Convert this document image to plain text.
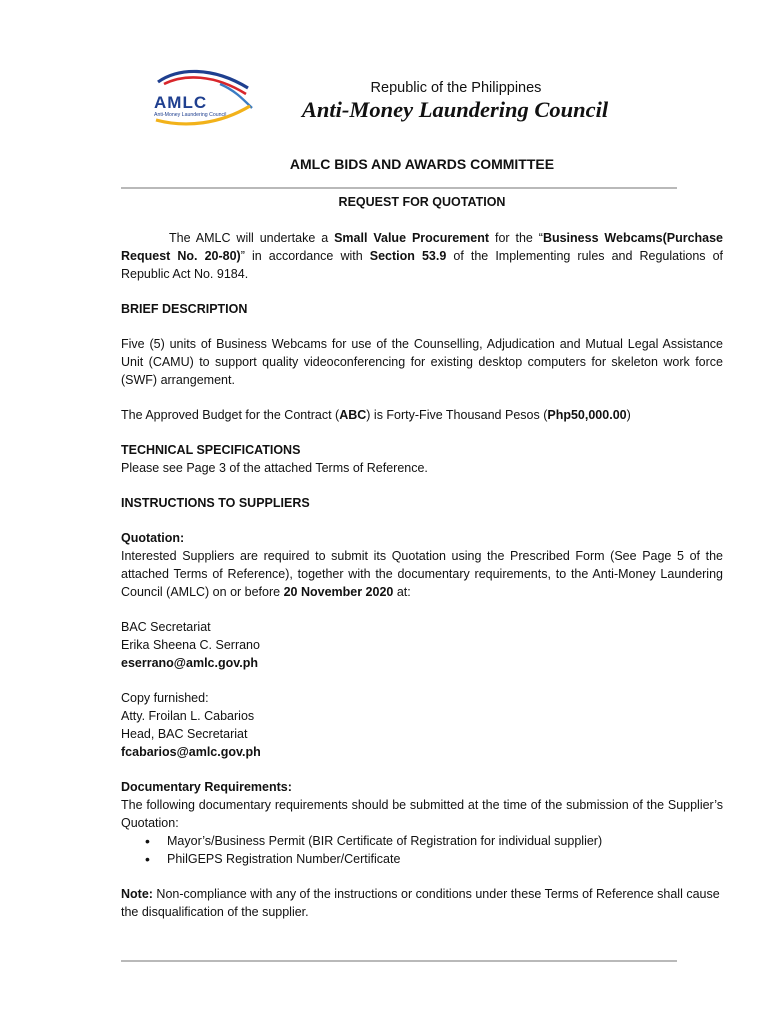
AMLC
Anti-Money Laundering Council
Republic of the Philippines
Anti-Money Laundering Council
AMLC BIDS AND AWARDS COMMITTEE
REQUEST FOR QUOTATION

The AMLC will undertake a Small Value Procurement for the “Business Webcams(Purchase Request No. 20-80)” in accordance with Section 53.9 of the Implementing rules and Regulations of Republic Act No. 9184.

BRIEF DESCRIPTION

Five (5) units of Business Webcams for use of the Counselling, Adjudication and Mutual Legal Assistance Unit (CAMU) to support quality videoconferencing for existing desktop computers for skeleton work force (SWF) arrangement.

The Approved Budget for the Contract (ABC) is Forty-Five Thousand Pesos (Php50,000.00)

TECHNICAL SPECIFICATIONS

Please see Page 3 of the attached Terms of Reference.

INSTRUCTIONS TO SUPPLIERS

Quotation:

Interested Suppliers are required to submit its Quotation using the Prescribed Form (See Page 5 of the attached Terms of Reference), together with the documentary requirements, to the Anti-Money Laundering Council (AMLC) on or before 20 November 2020 at:

BAC Secretariat

Erika Sheena C. Serrano

eserrano@amlc.gov.ph

Copy furnished:

Atty. Froilan L. Cabarios

Head, BAC Secretariat

fcabarios@amlc.gov.ph

Documentary Requirements:

The following documentary requirements should be submitted at the time of the submission of the Supplier’s Quotation:

• Mayor’s/Business Permit (BIR Certificate of Registration for individual supplier)
• PhilGEPS Registration Number/Certificate

Note: Non-compliance with any of the instructions or conditions under these Terms of Reference shall cause the disqualification of the supplier.
